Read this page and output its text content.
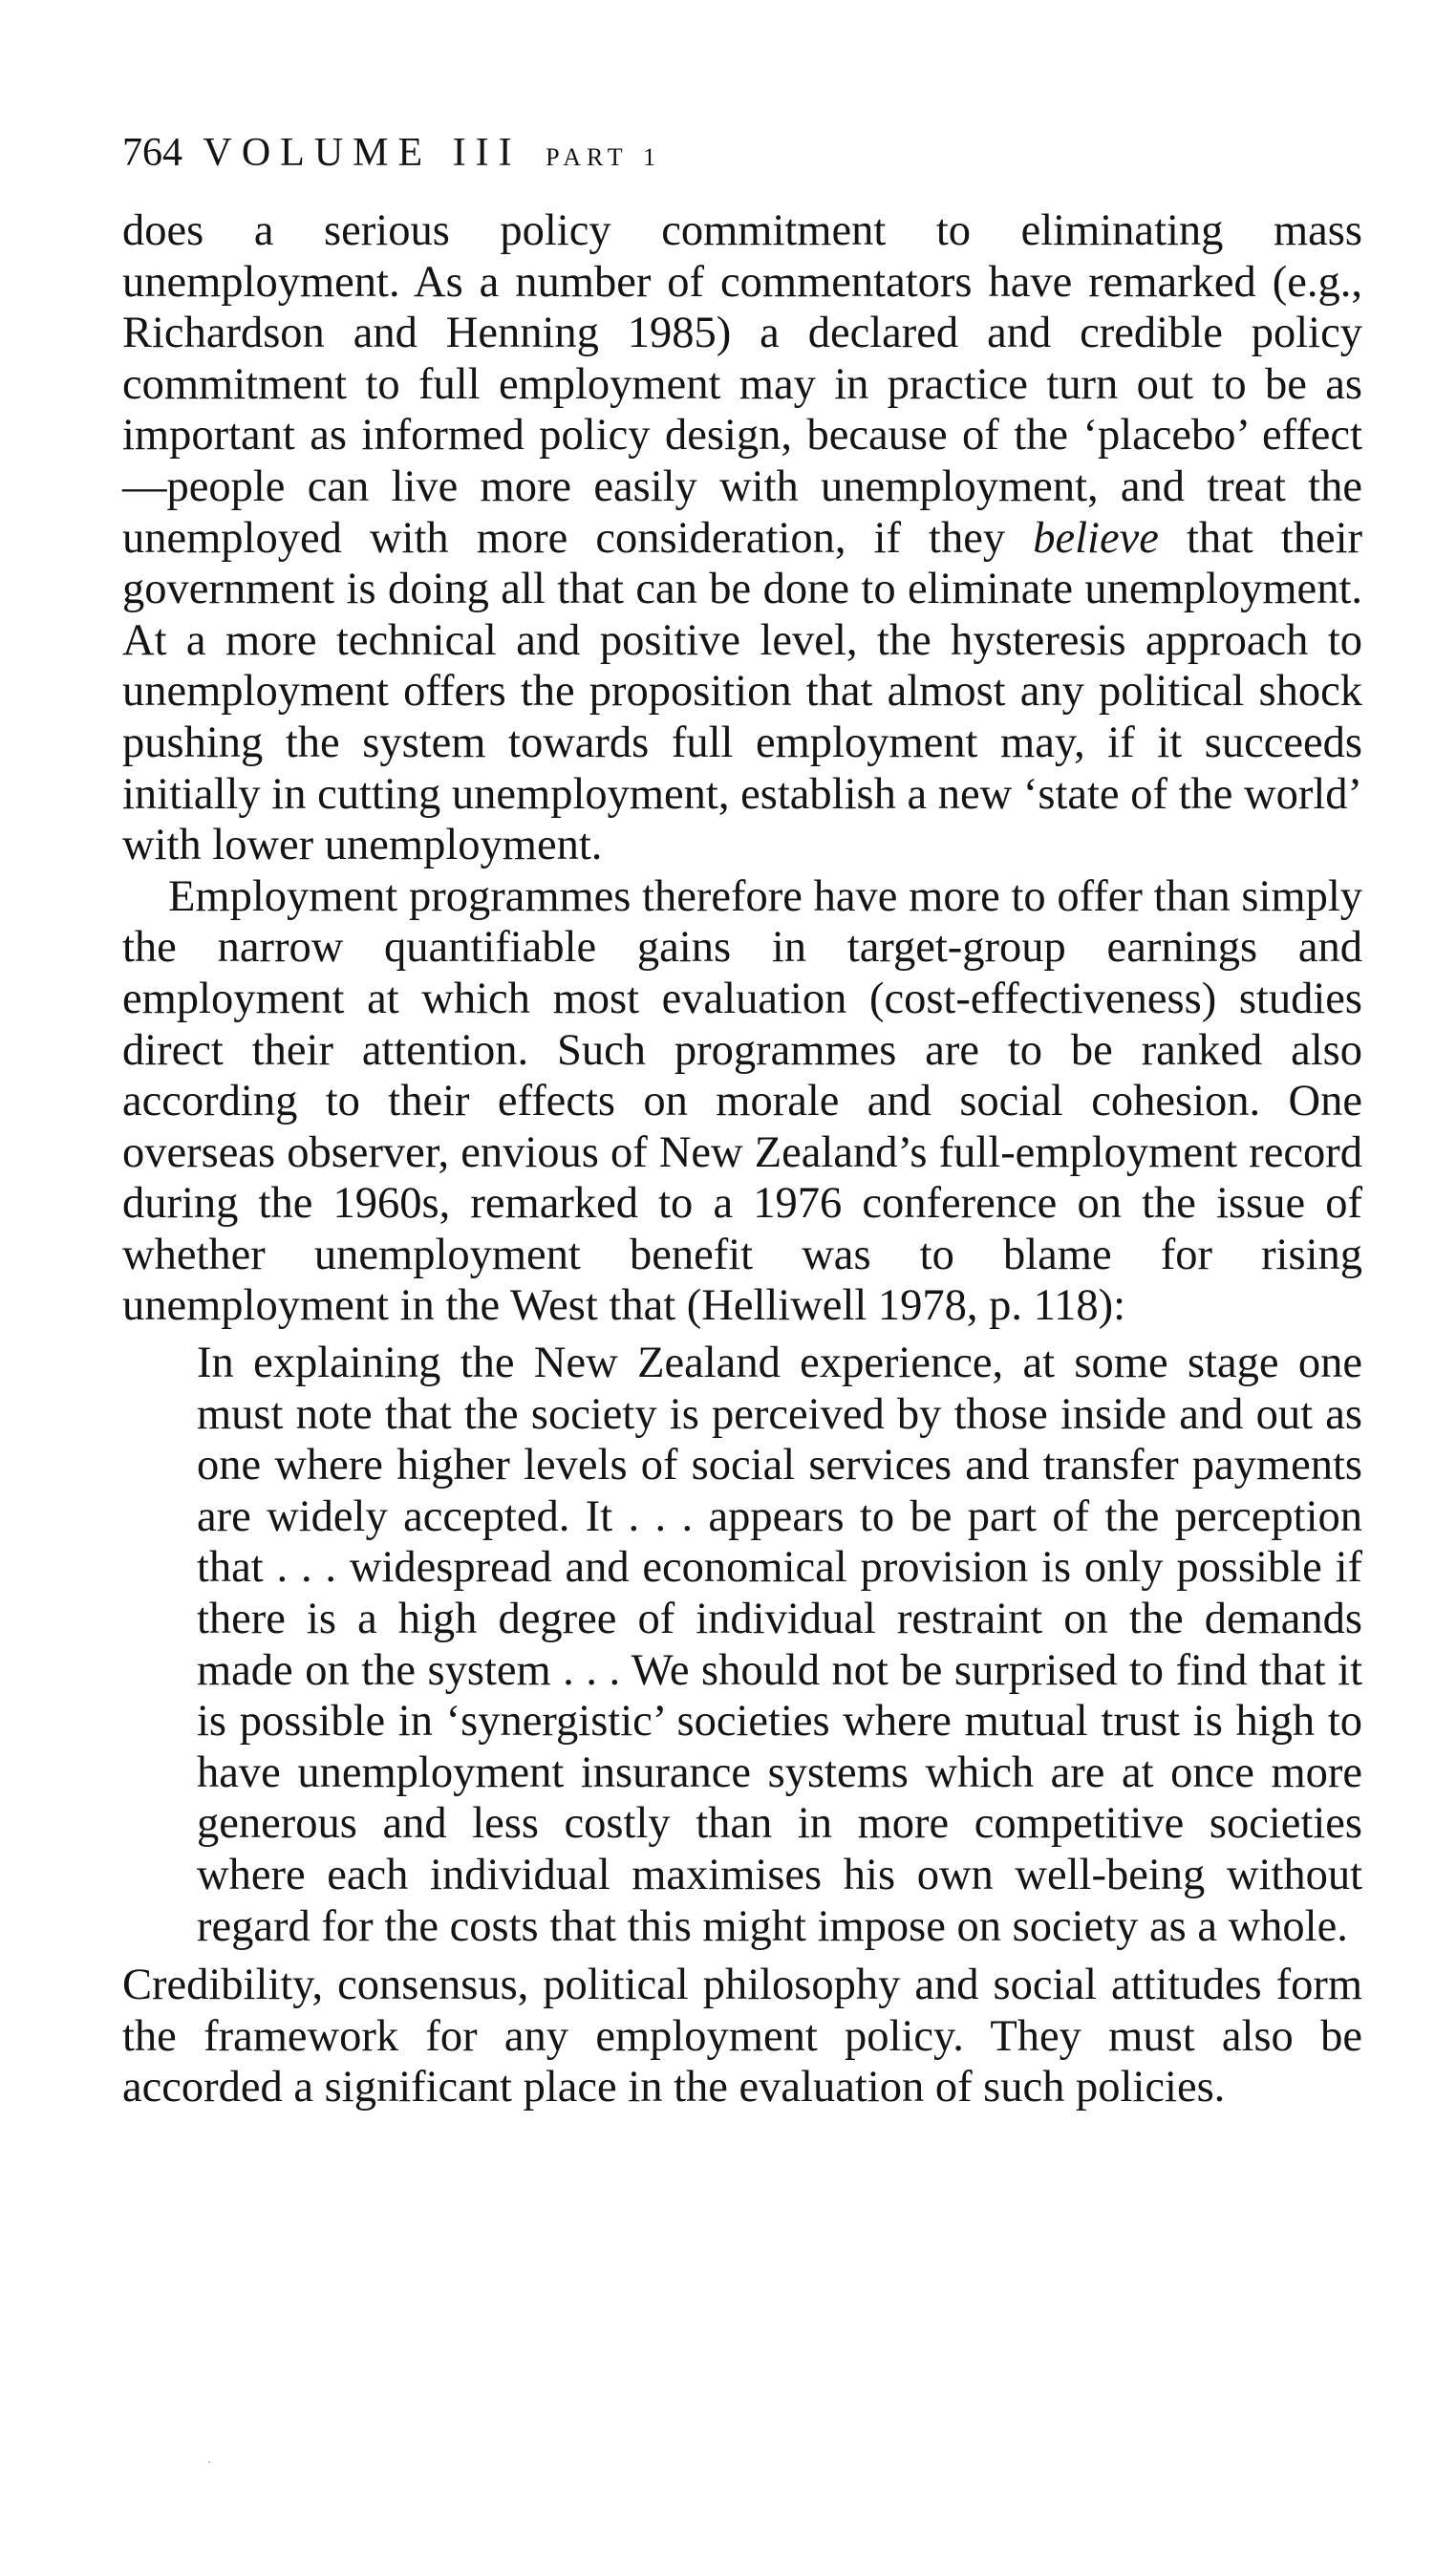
764 VOLUME III PART 1

does a serious policy commitment to eliminating mass unemployment. As a number of commentators have remarked (e.g., Richardson and Henning 1985) a declared and credible policy commitment to full employment may in practice turn out to be as important as informed policy design, because of the ‘placebo’ effect—people can live more easily with unemployment, and treat the unemployed with more consideration, if they believe that their government is doing all that can be done to eliminate unemployment. At a more technical and positive level, the hysteresis approach to unemployment offers the proposition that almost any political shock pushing the system towards full employment may, if it succeeds initially in cutting unemployment, establish a new ‘state of the world’ with lower unemployment.

Employment programmes therefore have more to offer than simply the narrow quantifiable gains in target-group earnings and employment at which most evaluation (cost-effectiveness) studies direct their attention. Such programmes are to be ranked also according to their effects on morale and social cohesion. One overseas observer, envious of New Zealand’s full-employment record during the 1960s, remarked to a 1976 conference on the issue of whether unemployment benefit was to blame for rising unemployment in the West that (Helliwell 1978, p. 118):

In explaining the New Zealand experience, at some stage one must note that the society is perceived by those inside and out as one where higher levels of social services and transfer payments are widely accepted. It . . . appears to be part of the perception that . . . widespread and economical provision is only possible if there is a high degree of individual restraint on the demands made on the system . . . We should not be surprised to find that it is possible in ‘synergistic’ societies where mutual trust is high to have unemployment insurance systems which are at once more generous and less costly than in more competitive societies where each individual maximises his own well-being without regard for the costs that this might impose on society as a whole.

Credibility, consensus, political philosophy and social attitudes form the framework for any employment policy. They must also be accorded a significant place in the evaluation of such policies.
